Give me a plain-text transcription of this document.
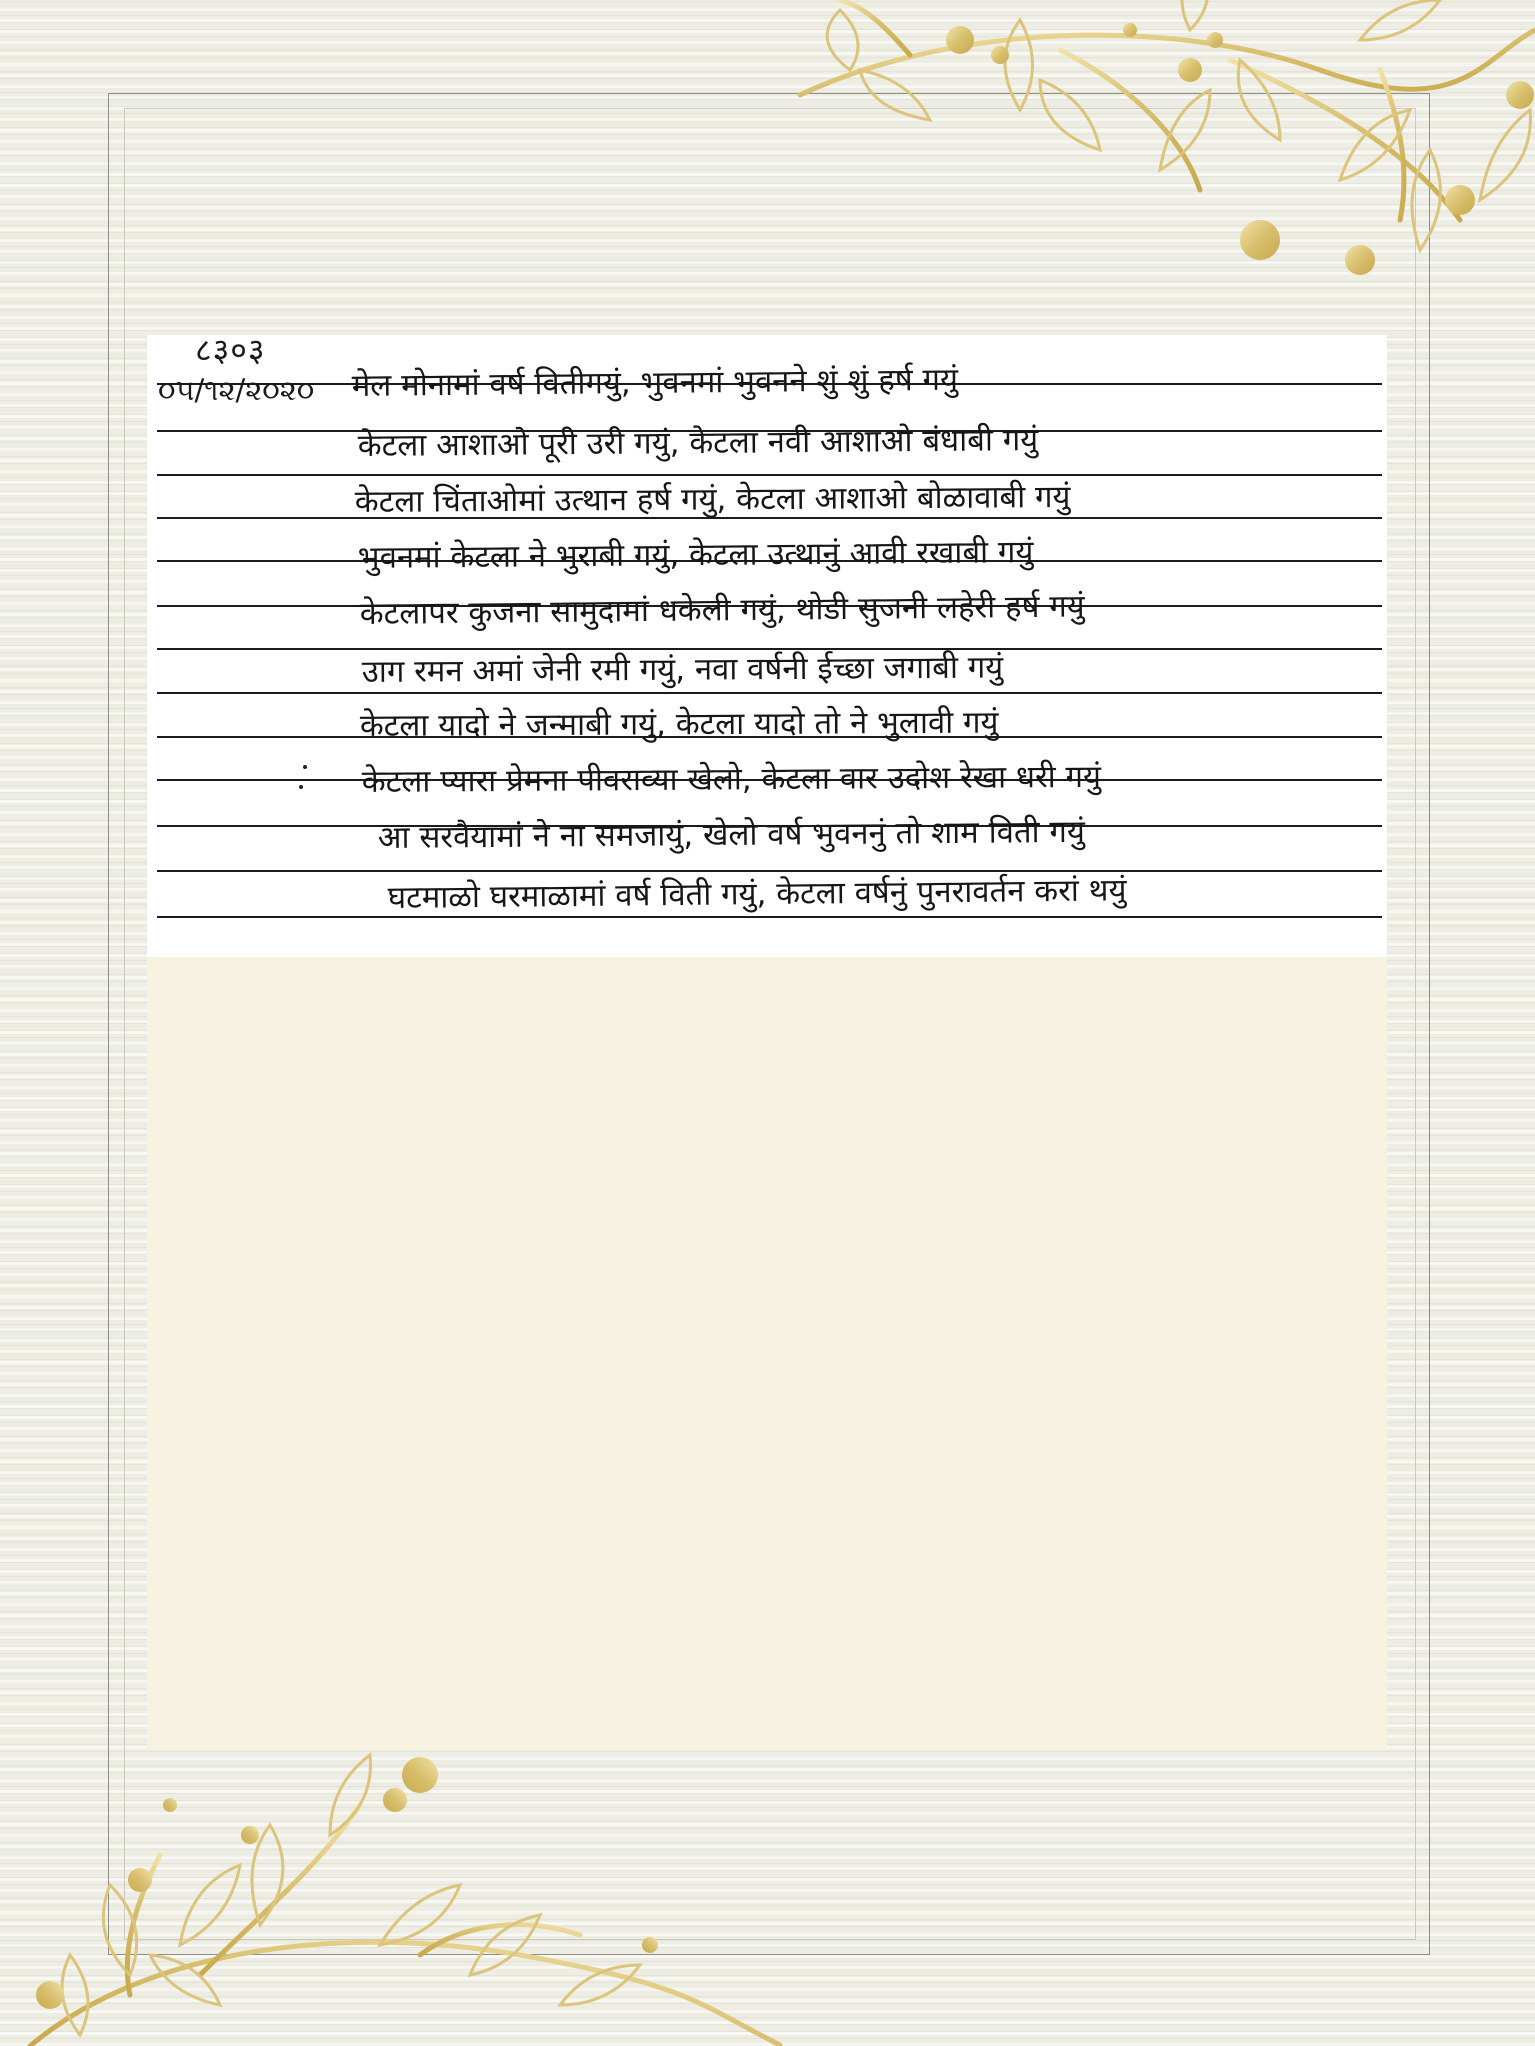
८३०३
૦૫/૧૨/૨૦૨૦ मेल मोनामां वर्ष वितीगयुं, भुवनमां भुवनने शुं शुं हर्ष गयुं

केटला आशाओ पूरी उरी गयुं, केटला नवी आशाओ बंधाबी गयुं

केटला चिंताओमां उत्थान हर्ष गयुं, केटला आशाओ बोळावाबी गयुं

भुवनमां केटला ने भुराबी गयुं, केटला उत्थानुं आवी रखाबी गयुं

केटलापर कुजना सामुदामां धकेली गयुं, थोडी सुजनी लहेरी हर्ष गयुं

उाग रमन अमां जेनी रमी गयुं, नवा वर्षनी ईच्छा जगाबी गयुं

केटला यादो ने जन्माबी गयुं, केटला यादो तो ने भुलावी गयुं

केटला प्यारा प्रेमना पीवराव्या खेलो, केटला वार उदोश रेखा धरी गयुं

आ सरवैयामां ने ना समजायुं, खेलो वर्ष भुवननुं तो शाम विती गयुं

घटमाळो घरमाळामां वर्ष विती गयुं, केटला वर्षनुं पुनरावर्तन करां थयुं
